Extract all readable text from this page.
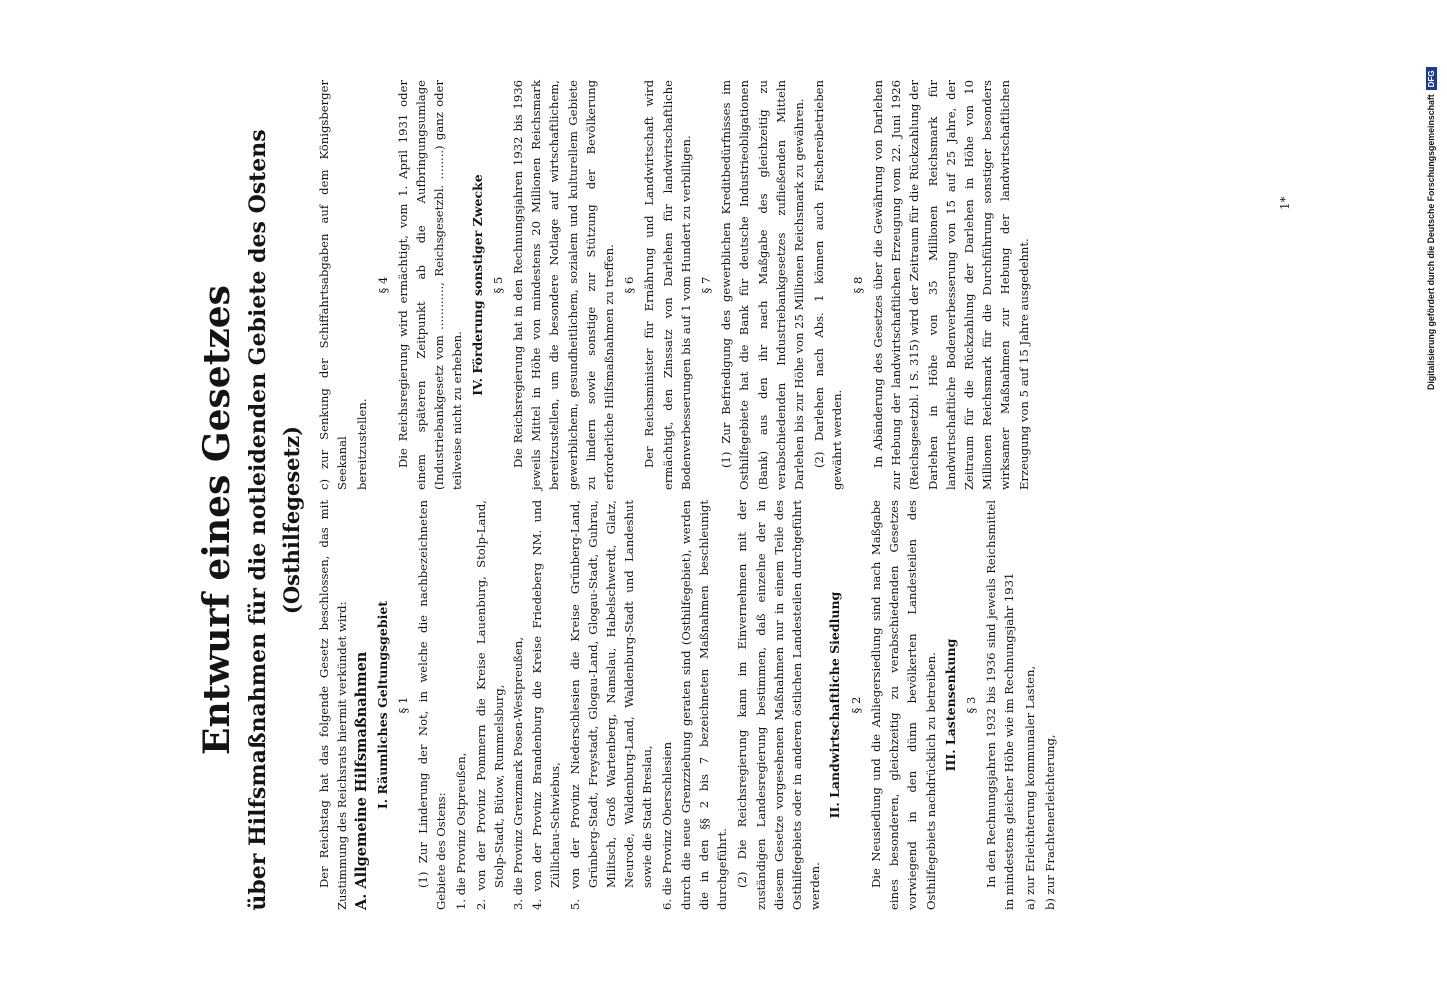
Entwurf eines Gesetzes über Hilfsmaßnahmen für die notleidenden Gebiete des Ostens (Osthilfegesetz) Der Reichstag hat das folgende Gesetz beschlossen, das mit Zustimmung des Reichsrats hiermit verkündet wird: A. Allgemeine Hilfsmaßnahmen I. Räumliches Geltungsgebiet § 1 (1) Zur Linderung der Not, in welche die nachbezeichneten Gebiete des Ostens: 1. die Provinz Ostpreußen, 2. von der Provinz Pommern die Kreise Lauenburg, Stolp-Land, Stolp-Stadt, Bütow, Rummelsburg, 3. die Provinz Grenzmark Posen-Westpreußen, 4. von der Provinz Brandenburg die Kreise Friedeberg NM. und Züllichau-Schwiebus, 5. von der Provinz Niederschlesien die Kreise Grünberg-Land, Grünberg-Stadt, Freystadt, Glogau-Land, Glogau-Stadt, Guhrau, Militsch, Groß Wartenberg, Namslau, Habelschwerdt, Glatz, Neurode, Waldenburg-Land, Waldenburg-Stadt und Landeshut sowie die Stadt Breslau, 6. die Provinz Oberschlesien durch die neue Grenzziehung geraten sind (Osthilfegebiet), werden die in den §§ 2 bis 7 bezeichneten Maßnahmen beschleunigt durchgeführt. (2) Die Reichsregierung kann im Einvernehmen mit der zuständigen Landesregierung bestimmen, daß einzelne der in diesem Gesetze vorgesehenen Maßnahmen nur in einem Teile des Osthilfegebiets oder in anderen östlichen Landesteilen durchgeführt werden.

II. Landwirtschaftliche Siedlung § 2 Die Neusiedlung und die Anliegersiedlung sind nach Maßgabe eines besonderen, gleichzeitig zu verabschiedenden Gesetzes vorwiegend in den dünn bevölkerten Landesteilen des Osthilfegebiets nachdrücklich zu betreiben. III. Lastensenkung § 3 In den Rechnungsjahren 1932 bis 1936 sind jeweils Reichsmittel in mindestens gleicher Höhe wie im Rechnungsjahr 1931 a) zur Erleichterung kommunaler Lasten, b) zur Frachtenerleichterung,

c) zur Senkung der Schiffahrtsabgaben auf dem Königsberger Seekanal bereitzustellen.

§ 4 Die Reichsregierung wird ermächtigt, vom 1. April 1931 oder einem späteren Zeitpunkt ab die Aufbringungsumlage (Industriebankgesetz vom ............, Reichsgesetzbl. ........) ganz oder teilweise nicht zu erheben.

IV. Förderung sonstiger Zwecke § 5 Die Reichsregierung hat in den Rechnungsjahren 1932 bis 1936 jeweils Mittel in Höhe von mindestens 20 Millionen Reichsmark bereitzustellen, um die besondere Notlage auf wirtschaftlichem, gewerblichem, gesundheitlichem, sozialem und kulturellem Gebiete zu lindern sowie sonstige zur Stützung der Bevölkerung erforderliche Hilfsmaßnahmen zu treffen. § 6 Der Reichsminister für Ernährung und Landwirtschaft wird ermächtigt, den Zinssatz von Darlehen für landwirtschaftliche Bodenverbesserungen bis auf 1 vom Hundert zu verbilligen. § 7 (1) Zur Befriedigung des gewerblichen Kreditbedürfnisses im Osthilfegebiete hat die Bank für deutsche Industrieobligationen (Bank) aus den ihr nach Maßgabe des gleichzeitig zu verabschiedenden Industriebankgesetzes zufließenden Mitteln Darlehen bis zur Höhe von 25 Millionen Reichsmark zu gewähren. (2) Darlehen nach Abs. 1 können auch Fischereibetrieben gewährt werden.

§ 8 In Abänderung des Gesetzes über die Gewährung von Darlehen zur Hebung der landwirtschaftlichen Erzeugung vom 22. Juni 1926 (Reichsgesetzbl. I S. 315) wird der Zeitraum für die Rückzahlung der Darlehen in Höhe von 35 Millionen Reichsmark für landwirtschaftliche Bodenverbesserung von 15 auf 25 Jahre, der Zeitraum für die Rückzahlung der Darlehen in Höhe von 10 Millionen Reichsmark für die Durchführung sonstiger besonders wirksamer Maßnahmen zur Hebung der landwirtschaftlichen Erzeugung von 5 auf 15 Jahre ausgedehnt.

1*	Digitalisierung gefördert durch die Deutsche Forschungsgemeinschaft
DFG
